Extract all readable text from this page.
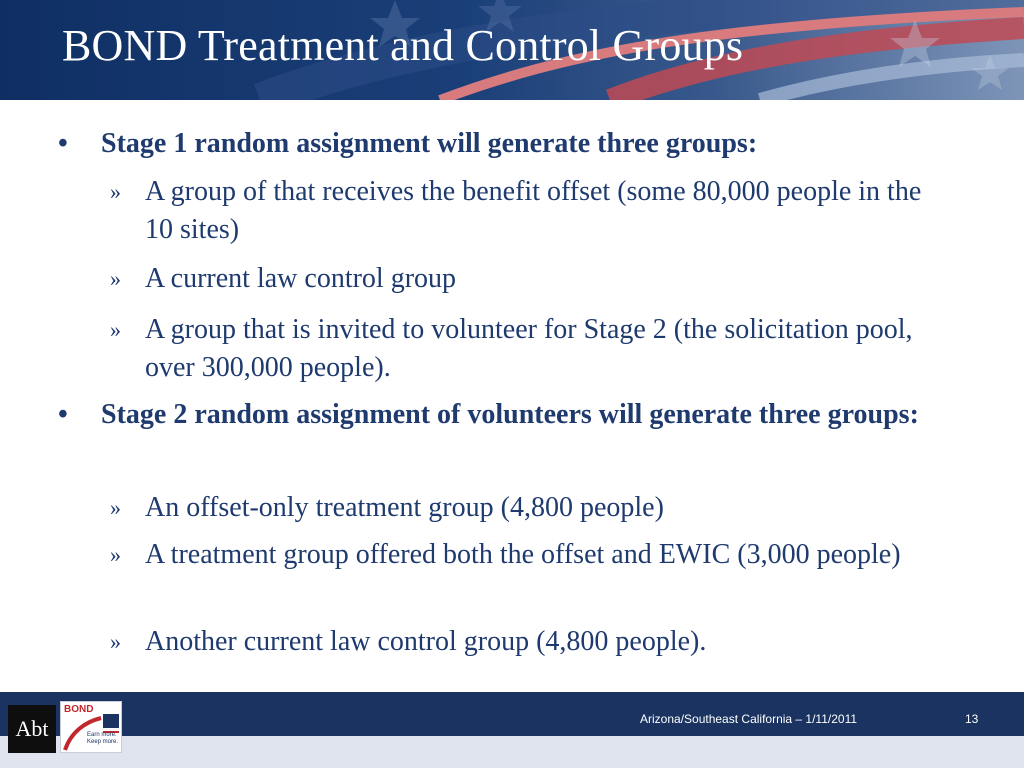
BOND Treatment and Control Groups
•	Stage 1 random assignment will generate three groups:
» A group of that receives the benefit offset (some 80,000 people in the 10 sites)
» A current law control group
» A group that is invited to volunteer for Stage 2 (the solicitation pool, over 300,000 people).
•	Stage 2 random assignment of volunteers will generate three groups:
» An offset-only treatment group (4,800 people)
» A treatment group offered both the offset and EWIC (3,000 people)
» Another current law control group (4,800 people).
Arizona/Southeast California – 1/11/2011	13
Abt
BOND
Earn more. Keep more.
